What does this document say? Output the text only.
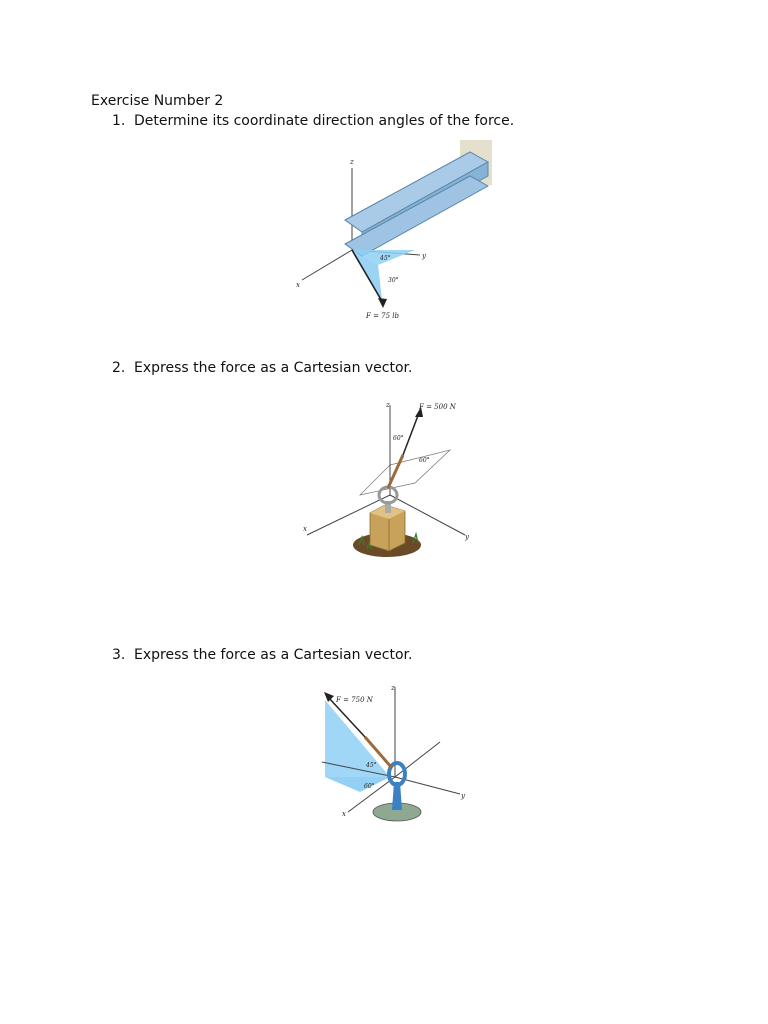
Exercise Number 2
1. Determine its coordinate direction angles of the force.
z
x
y
45°
30°
F = 75 lb
2. Express the force as a Cartesian vector.
z
x
y
60°
60°
F = 500 N
3. Express the force as a Cartesian vector.
z
x
y
45°
60°
F = 750 N
